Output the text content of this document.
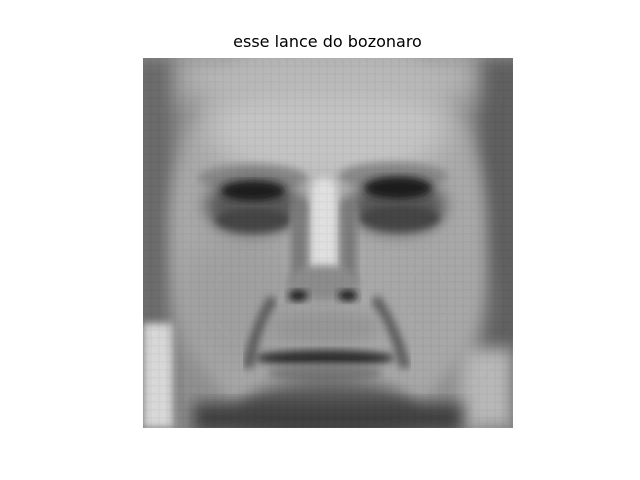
esse lance do bozonaro
